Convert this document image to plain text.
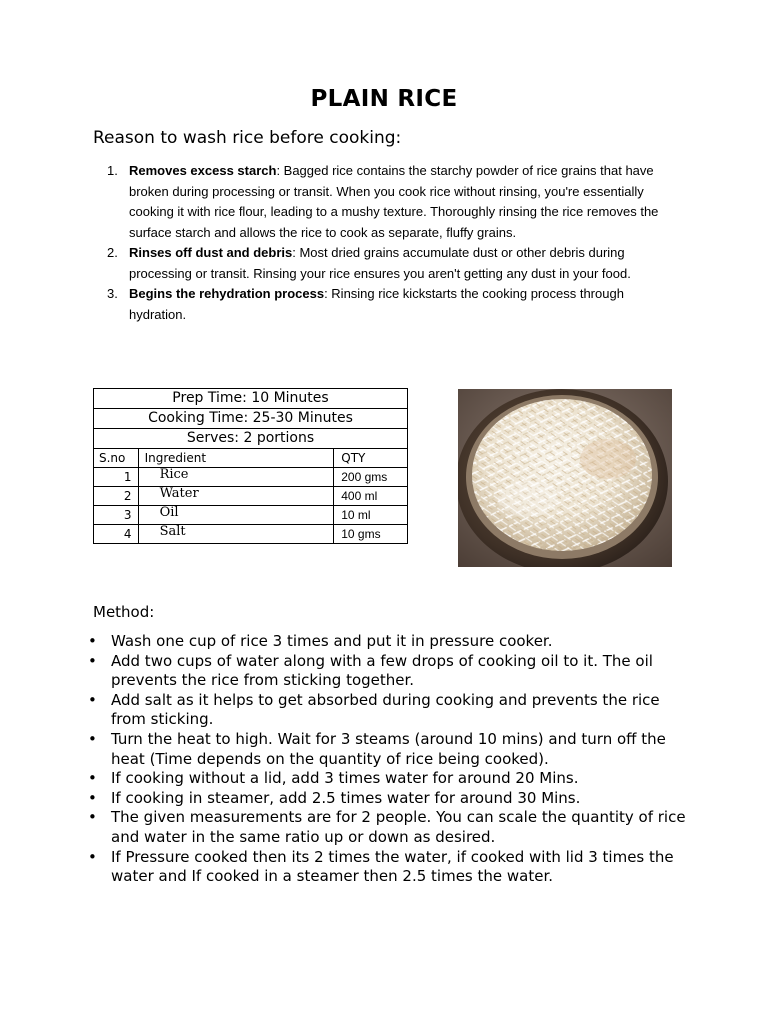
PLAIN RICE
Reason to wash rice before cooking:
1. Removes excess starch: Bagged rice contains the starchy powder of rice grains that have broken during processing or transit. When you cook rice without rinsing, you're essentially cooking it with rice flour, leading to a mushy texture. Thoroughly rinsing the rice removes the surface starch and allows the rice to cook as separate, fluffy grains.
2. Rinses off dust and debris: Most dried grains accumulate dust or other debris during processing or transit. Rinsing your rice ensures you aren't getting any dust in your food.
3. Begins the rehydration process: Rinsing rice kickstarts the cooking process through hydration.
Prep Time: 10 Minutes		
Cooking Time: 25-30 Minutes		
Serves: 2 portions		
S.no	Ingredient	QTY
1	Rice	200 gms
2	Water	400 ml
3	Oil	10 ml
4	Salt	10 gms
Method:
• Wash one cup of rice 3 times and put it in pressure cooker.
• Add two cups of water along with a few drops of cooking oil to it. The oil prevents the rice from sticking together.
• Add salt as it helps to get absorbed during cooking and prevents the rice from sticking.
• Turn the heat to high. Wait for 3 steams (around 10 mins) and turn off the heat (Time depends on the quantity of rice being cooked).
• If cooking without a lid, add 3 times water for around 20 Mins.
• If cooking in steamer, add 2.5 times water for around 30 Mins.
• The given measurements are for 2 people. You can scale the quantity of rice and water in the same ratio up or down as desired.
• If Pressure cooked then its 2 times the water, if cooked with lid 3 times the water and If cooked in a steamer then 2.5 times the water.
